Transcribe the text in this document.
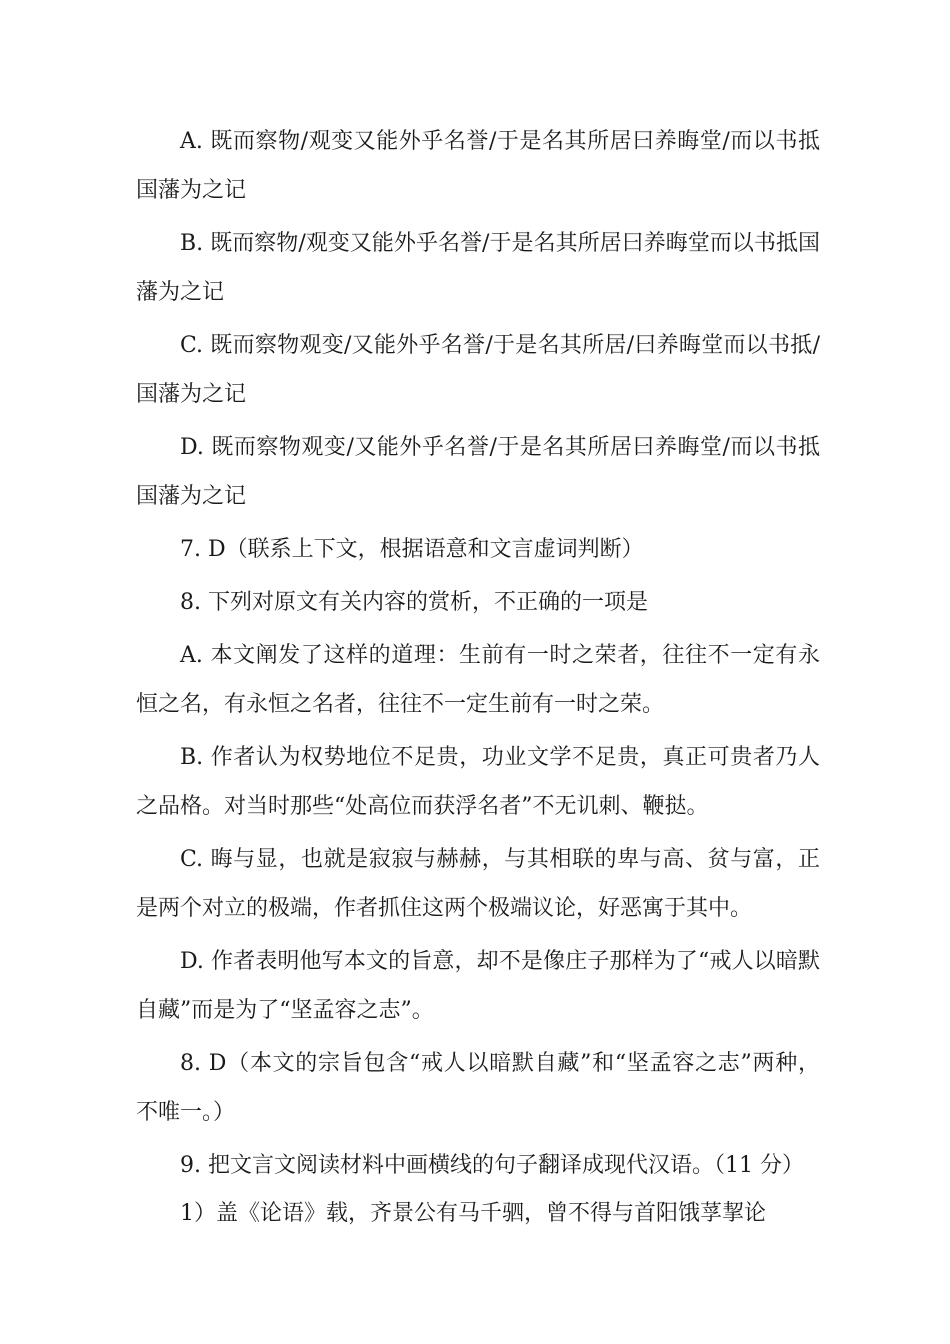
A. 既而察物/观变又能外乎名誉/于是名其所居曰养晦堂/而以书抵国藩为之记

B. 既而察物/观变又能外乎名誉/于是名其所居曰养晦堂而以书抵国藩为之记

C. 既而察物观变/又能外乎名誉/于是名其所居/曰养晦堂而以书抵/国藩为之记

D. 既而察物观变/又能外乎名誉/于是名其所居曰养晦堂/而以书抵国藩为之记

7. D（联系上下文，根据语意和文言虚词判断）

8. 下列对原文有关内容的赏析，不正确的一项是

A. 本文阐发了这样的道理：生前有一时之荣者，往往不一定有永恒之名，有永恒之名者，往往不一定生前有一时之荣。

B. 作者认为权势地位不足贵，功业文学不足贵，真正可贵者乃人之品格。对当时那些“处高位而获浮名者”不无讥刺、鞭挞。

C. 晦与显，也就是寂寂与赫赫，与其相联的卑与高、贫与富，正是两个对立的极端，作者抓住这两个极端议论，好恶寓于其中。

D. 作者表明他写本文的旨意，却不是像庄子那样为了“戒人以暗默自藏”而是为了“坚孟容之志”。

8. D（本文的宗旨包含“戒人以暗默自藏”和“坚孟容之志”两种，不唯一。）

9. 把文言文阅读材料中画横线的句子翻译成现代汉语。（11 分）

1）盖《论语》载，齐景公有马千驷，曾不得与首阳饿莩挈论
